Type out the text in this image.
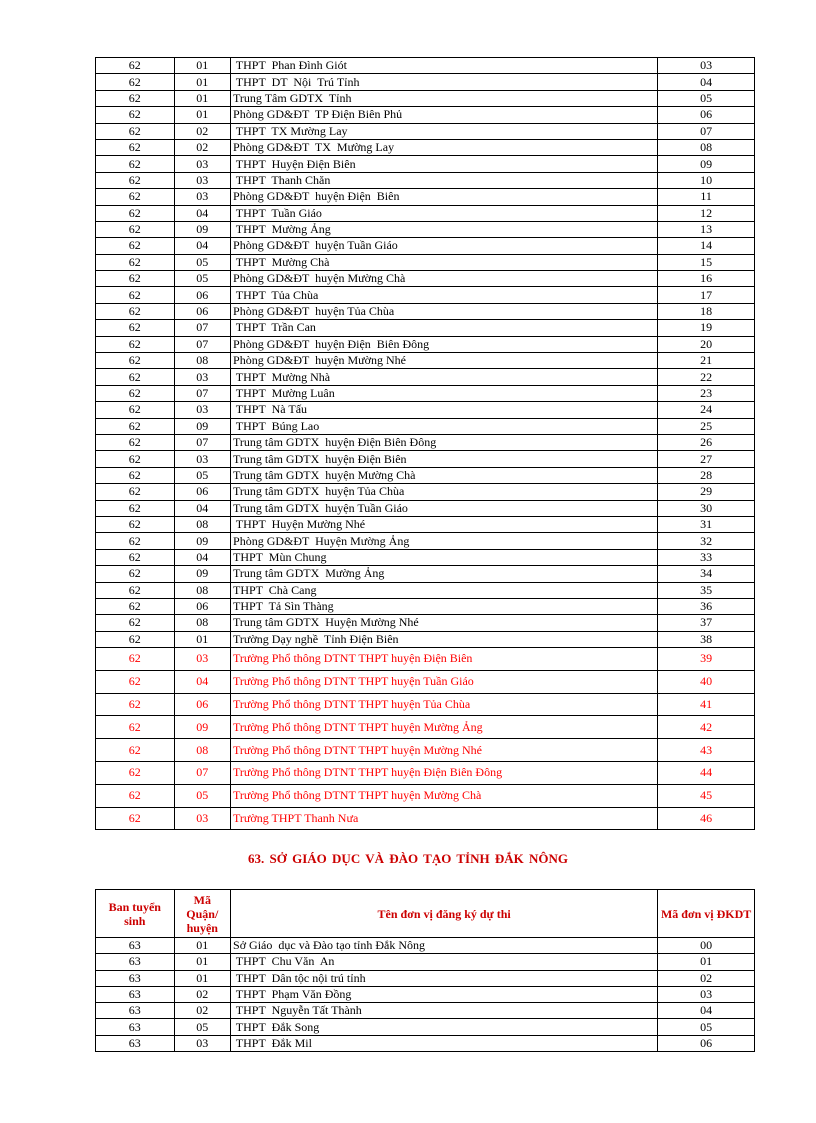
62	01	THPT  Phan Đình Giót	03
62	01	THPT  DT  Nội  Trú Tỉnh	04
62	01	Trung Tâm GDTX  Tỉnh	05
62	01	Phòng GD&ĐT  TP Điện Biên Phủ	06
62	02	THPT  TX Mường Lay	07
62	02	Phòng GD&ĐT  TX  Mường Lay	08
62	03	THPT  Huyện Điện Biên	09
62	03	THPT  Thanh Chăn	10
62	03	Phòng GD&ĐT  huyện Điện  Biên	11
62	04	THPT  Tuần Giáo	12
62	09	THPT  Mường Ảng	13
62	04	Phòng GD&ĐT  huyện Tuần Giáo	14
62	05	THPT  Mường Chà	15
62	05	Phòng GD&ĐT  huyện Mường Chà	16
62	06	THPT  Tủa Chùa	17
62	06	Phòng GD&ĐT  huyện Tủa Chùa	18
62	07	THPT  Trần Can	19
62	07	Phòng GD&ĐT  huyện Điện  Biên Đông	20
62	08	Phòng GD&ĐT  huyện Mường Nhé	21
62	03	THPT  Mường Nhà	22
62	07	THPT  Mường Luân	23
62	03	THPT  Nà Tấu	24
62	09	THPT  Búng Lao	25
62	07	Trung tâm GDTX  huyện Điện Biên Đông	26
62	03	Trung tâm GDTX  huyện Điện Biên	27
62	05	Trung tâm GDTX  huyện Mường Chà	28
62	06	Trung tâm GDTX  huyện Tủa Chùa	29
62	04	Trung tâm GDTX  huyện Tuần Giáo	30
62	08	THPT  Huyện Mường Nhé	31
62	09	Phòng GD&ĐT  Huyện Mường Ảng	32
62	04	THPT  Mùn Chung	33
62	09	Trung tâm GDTX  Mường Ảng	34
62	08	THPT  Chà Cang	35
62	06	THPT  Tả Sìn Thàng	36
62	08	Trung tâm GDTX  Huyện Mường Nhé	37
62	01	Trường Dạy nghề  Tỉnh Điện Biên	38
62	03	Trường Phổ thông DTNT THPT huyện Điện Biên	39
62	04	Trường Phổ thông DTNT THPT huyện Tuần Giáo	40
62	06	Trường Phổ thông DTNT THPT huyện Tủa Chùa	41
62	09	Trường Phổ thông DTNT THPT huyện Mường Ảng	42
62	08	Trường Phổ thông DTNT THPT huyện Mường Nhé	43
62	07	Trường Phổ thông DTNT THPT huyện Điện Biên Đông	44
62	05	Trường Phổ thông DTNT THPT huyện Mường Chà	45
62	03	Trường THPT Thanh Nưa	46
63. SỞ GIÁO DỤC VÀ ĐÀO TẠO TỈNH ĐẮK NÔNG
Ban tuyển sinh	Mã Quận/ huyện	Tên đơn vị đăng ký dự thi	Mã đơn vị ĐKDT
63	01	Sở Giáo  dục và Đào tạo tỉnh Đắk Nông	00
63	01	THPT  Chu Văn  An	01
63	01	THPT  Dân tộc nội trú tỉnh	02
63	02	THPT  Phạm Văn Đồng	03
63	02	THPT  Nguyễn Tất Thành	04
63	05	THPT  Đắk Song	05
63	03	THPT  Đắk Mil	06
